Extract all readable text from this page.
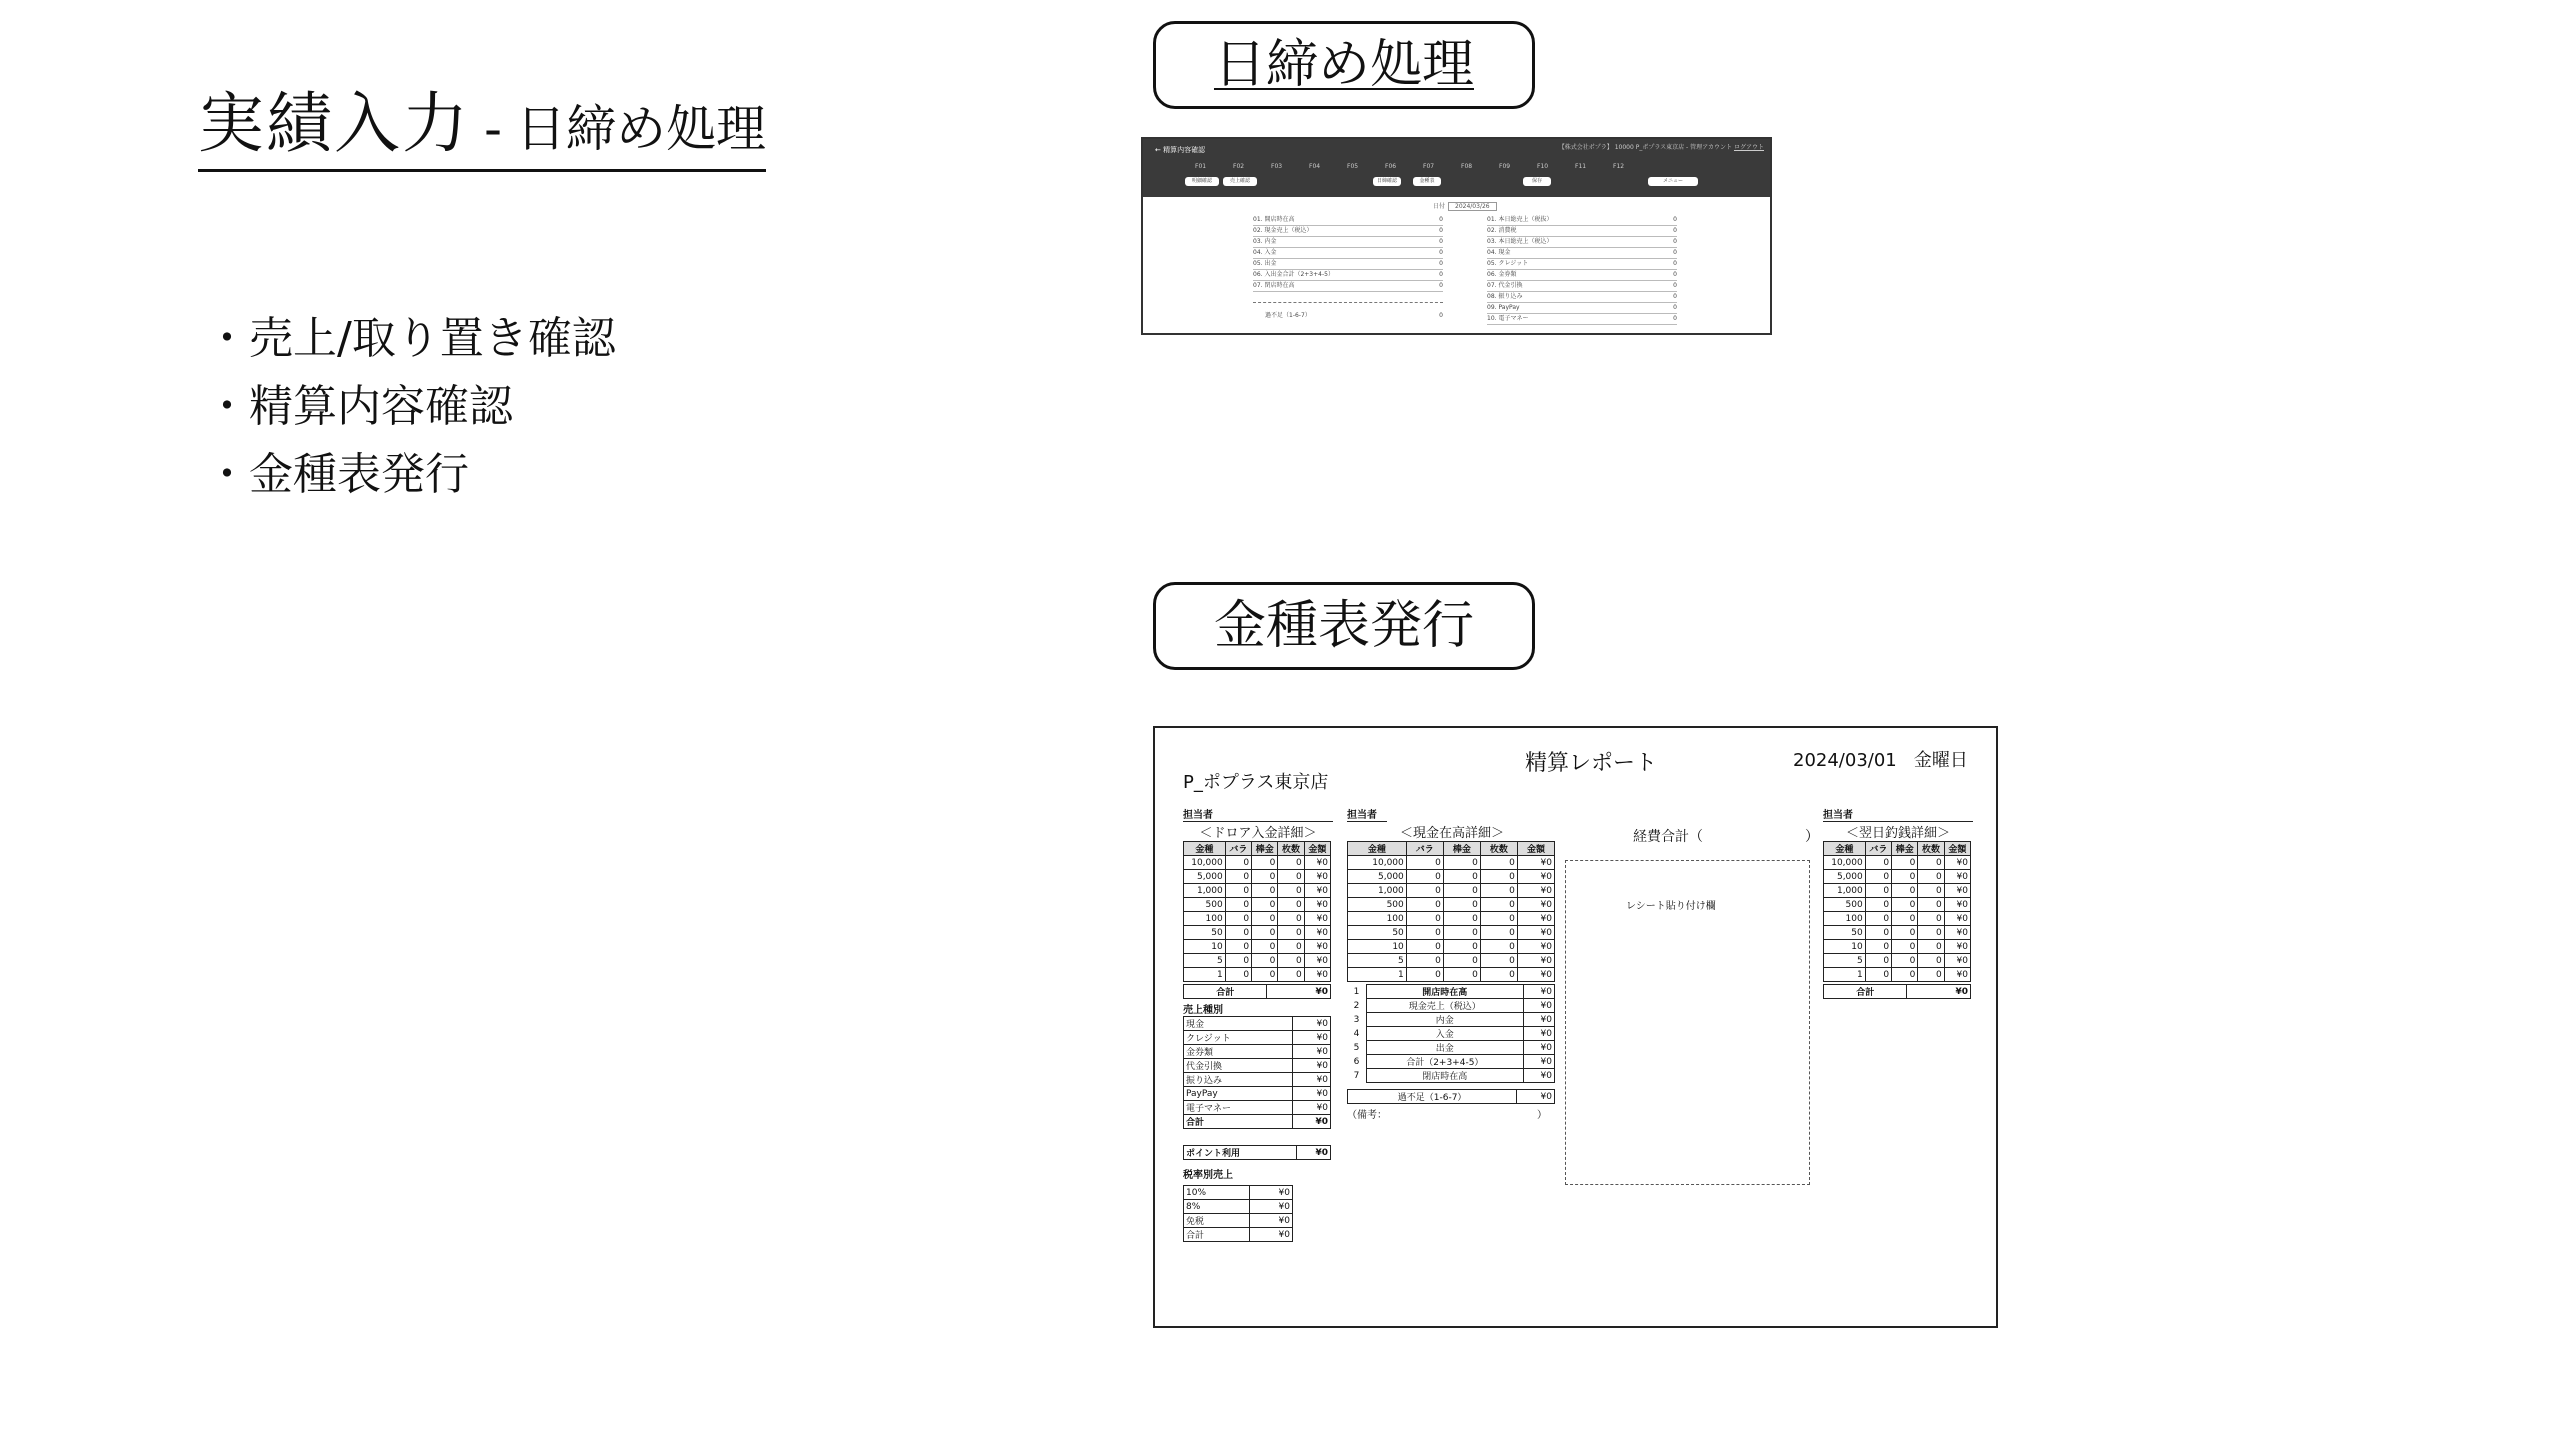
実績入力 - 日締め処理
・売上/取り置き確認
・精算内容確認
・金種表発行
日締め処理
金種表発行
← 精算内容確認	【株式会社ポプラ】 10000 P_ポプラス東京店 - 管理アカウント ログアウト
F01	F02	F03	F04	F05	F06	F07	F08	F09	F10	F11	F12
明細確認	売上確認	日締確認	金種表	保存	メニュー
日付 2024/03/26
01. 開店時在高	0
02. 現金売上（税込）	0
03. 内金	0
04. 入金	0
05. 出金	0
06. 入出金合計（2+3+4-5）	0
07. 閉店時在高	0
過不足（1-6-7）	0
01. 本日総売上（税抜）	0
02. 消費税	0
03. 本日総売上（税込）	0
04. 現金	0
05. クレジット	0
06. 金券類	0
07. 代金引換	0
08. 振り込み	0
09. PayPay	0
10. 電子マネー	0
精算レポート	2024/03/01 金曜日
P_ポプラス東京店
担当者
＜ドロア入金詳細＞
金種	バラ	棒金	枚数	金額
10,000	0	0	0	¥0
5,000	0	0	0	¥0
1,000	0	0	0	¥0
500	0	0	0	¥0
100	0	0	0	¥0
50	0	0	0	¥0
10	0	0	0	¥0
5	0	0	0	¥0
1	0	0	0	¥0
合計	¥0
売上種別
現金	¥0
クレジット	¥0
金券類	¥0
代金引換	¥0
振り込み	¥0
PayPay	¥0
電子マネー	¥0
合計	¥0
ポイント利用	¥0
税率別売上
10%	¥0
8%	¥0
免税	¥0
合計	¥0
担当者
＜現金在高詳細＞
金種	バラ	棒金	枚数	金額
10,000	0	0	0	¥0
5,000	0	0	0	¥0
1,000	0	0	0	¥0
500	0	0	0	¥0
100	0	0	0	¥0
50	0	0	0	¥0
10	0	0	0	¥0
5	0	0	0	¥0
1	0	0	0	¥0
1	開店時在高	¥0
2	現金売上（税込）	¥0
3	内金	¥0
4	入金	¥0
5	出金	¥0
6	合計（2+3+4-5）	¥0
7	閉店時在高	¥0
過不足（1-6-7）	¥0
（備考：	）
経費合計（	）
レシート貼り付け欄
担当者
＜翌日釣銭詳細＞
金種	バラ	棒金	枚数	金額
10,000	0	0	0	¥0
5,000	0	0	0	¥0
1,000	0	0	0	¥0
500	0	0	0	¥0
100	0	0	0	¥0
50	0	0	0	¥0
10	0	0	0	¥0
5	0	0	0	¥0
1	0	0	0	¥0
合計	¥0
